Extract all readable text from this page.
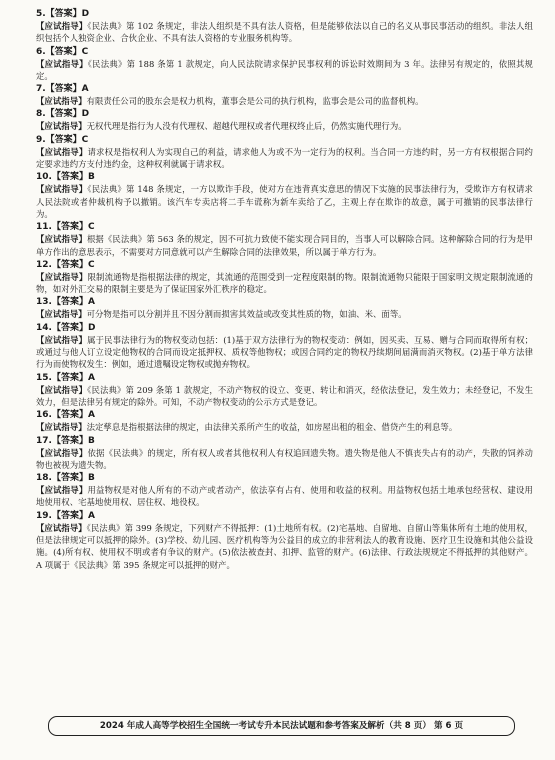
5.【答案】D

【应试指导】《民法典》第 102 条规定，非法人组织是不具有法人资格，但是能够依法以自己的名义从事民事活动的组织。非法人组织包括个人独资企业、合伙企业、不具有法人资格的专业服务机构等。

6.【答案】C

【应试指导】《民法典》第 188 条第 1 款规定，向人民法院请求保护民事权利的诉讼时效期间为 3 年。法律另有规定的，依照其规定。

7.【答案】A

【应试指导】有限责任公司的股东会是权力机构，董事会是公司的执行机构，监事会是公司的监督机构。

8.【答案】D

【应试指导】无权代理是指行为人没有代理权、超越代理权或者代理权终止后，仍然实施代理行为。

9.【答案】C

【应试指导】请求权是指权利人为实现自己的利益，请求他人为或不为一定行为的权利。当合同一方违约时，另一方有权根据合同约定要求违约方支付违约金，这种权利就属于请求权。

10.【答案】B

【应试指导】《民法典》第 148 条规定，一方以欺诈手段，使对方在违背真实意思的情况下实施的民事法律行为，受欺诈方有权请求人民法院或者仲裁机构予以撤销。该汽车专卖店将二手车谎称为新车卖给了乙，主观上存在欺诈的故意，属于可撤销的民事法律行为。

11.【答案】C

【应试指导】根据《民法典》第 563 条的规定，因不可抗力致使不能实现合同目的，当事人可以解除合同。这种解除合同的行为是甲单方作出的意思表示，不需要对方同意就可以产生解除合同的法律效果，所以属于单方行为。

12.【答案】C

【应试指导】限制流通物是指根据法律的规定，其流通的范围受到一定程度限制的物。限制流通物只能限于国家明文规定限制流通的物，如对外汇交易的限制主要是为了保证国家外汇秩序的稳定。

13.【答案】A

【应试指导】可分物是指可以分割并且不因分割而损害其效益或改变其性质的物，如油、米、面等。

14.【答案】D

【应试指导】属于民事法律行为的物权变动包括：(1)基于双方法律行为的物权变动：例如，因买卖、互易、赠与合同而取得所有权；或通过与他人订立设定他物权的合同而设定抵押权、质权等他物权；或因合同约定的物权丹续期间届满而消灭物权。(2)基于单方法律行为而使物权发生：例如，通过遗嘱设定物权或抛弃物权。

15.【答案】A

【应试指导】《民法典》第 209 条第 1 款规定，不动产物权的设立、变更、转让和消灭，经依法登记，发生效力；未经登记，不发生效力，但是法律另有规定的除外。可知，不动产物权变动的公示方式是登记。

16.【答案】A

【应试指导】法定孳息是指根据法律的规定，由法律关系所产生的收益，如房屋出租的租金、借贷产生的利息等。

17.【答案】B

【应试指导】依据《民法典》的规定，所有权人或者其他权利人有权追回遗失物。遗失物是他人不慎丧失占有的动产，失散的饲养动物也被视为遗失物。

18.【答案】B

【应试指导】用益物权是对他人所有的不动产或者动产，依法享有占有、使用和收益的权利。用益物权包括土地承包经营权、建设用地使用权、宅基地使用权、居住权、地役权。

19.【答案】A

【应试指导】《民法典》第 399 条规定，下列财产不得抵押：(1)土地所有权。(2)宅基地、自留地、自留山等集体所有土地的使用权，但是法律规定可以抵押的除外。(3)学校、幼儿园、医疗机构等为公益目的成立的非营利法人的教育设施、医疗卫生设施和其他公益设施。(4)所有权、使用权不明或者有争议的财产。(5)依法被查封、扣押、监管的财产。(6)法律、行政法规规定不得抵押的其他财产。A 项属于《民法典》第 395 条规定可以抵押的财产。

2024 年成人高等学校招生全国统一考试专升本民法试题和参考答案及解析（共 8 页） 第 6 页
